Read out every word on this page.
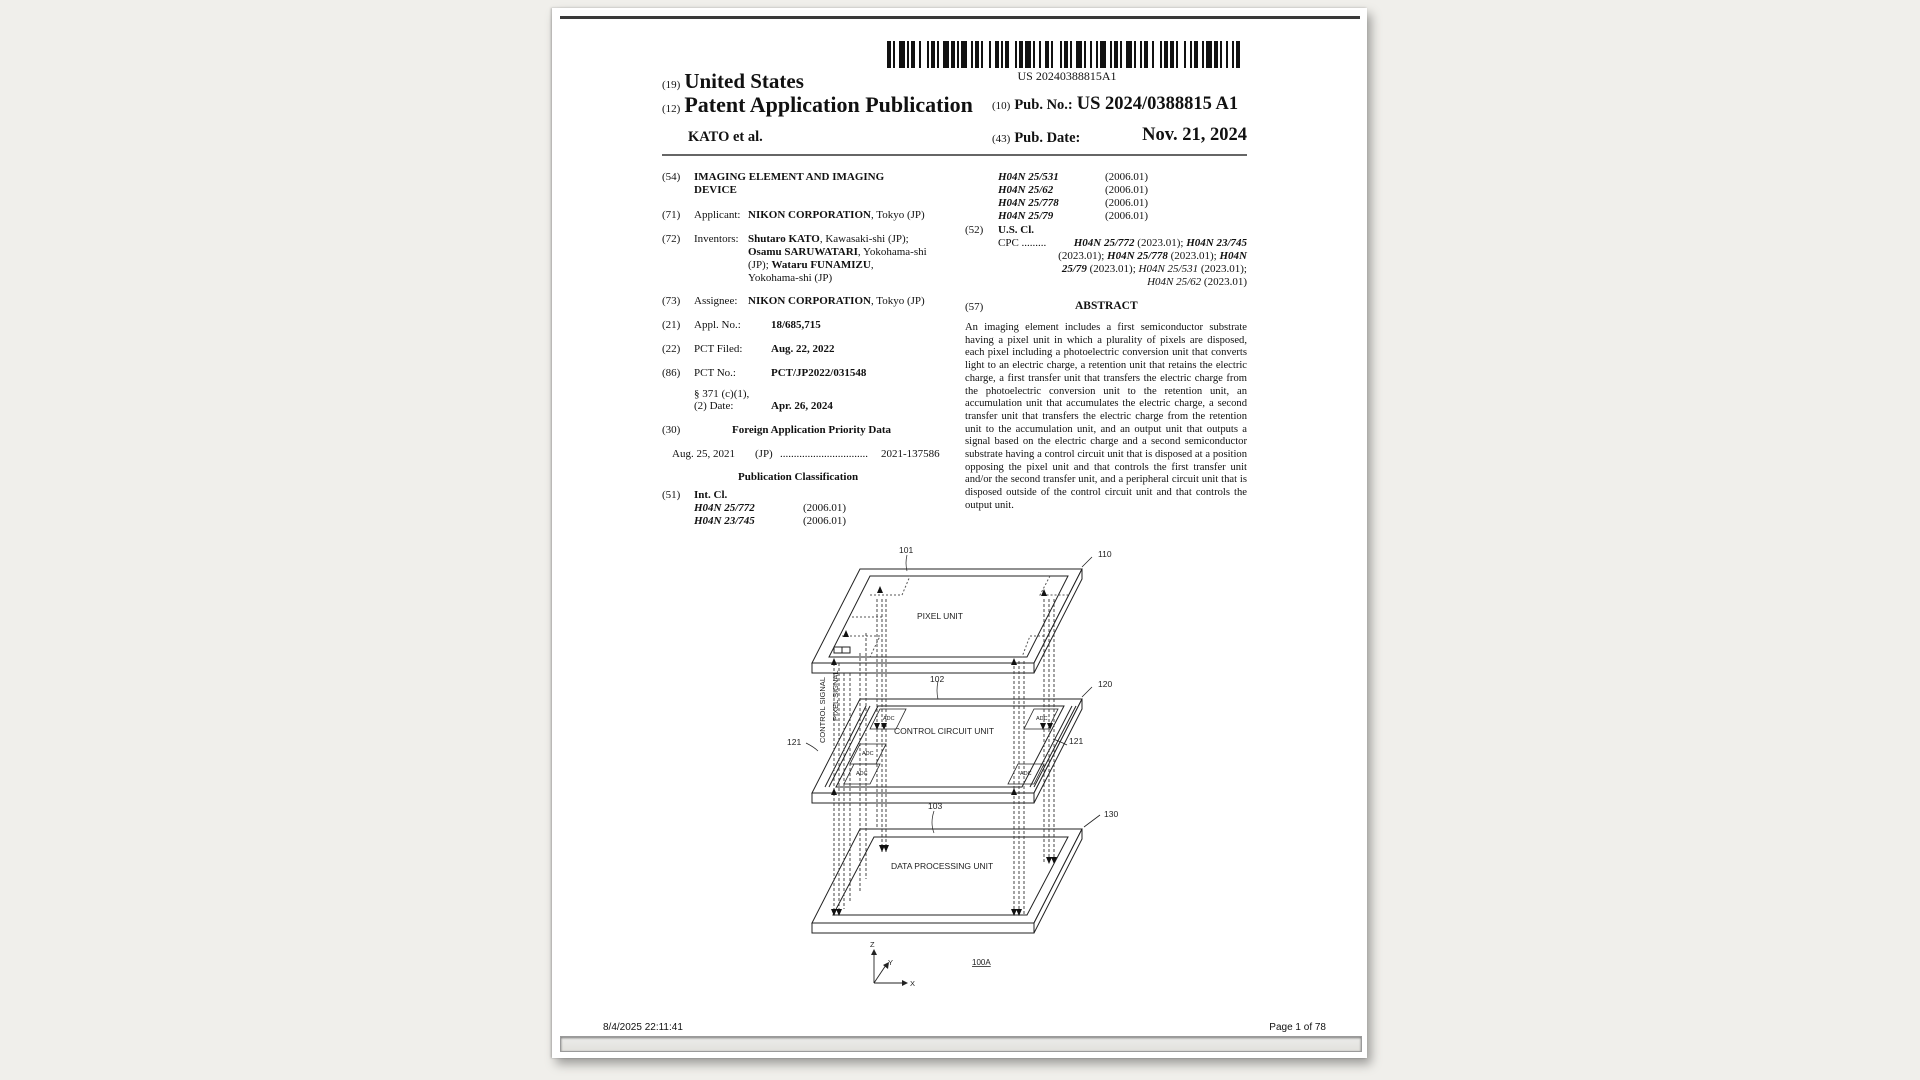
US 20240388815A1
(19) United States
(12) Patent Application Publication
KATO et al.
(10) Pub. No.: US 2024/0388815 A1
(43) Pub. Date:	Nov. 21, 2024
(54) IMAGING ELEMENT AND IMAGING
DEVICE
(71) Applicant: NIKON CORPORATION, Tokyo (JP)
(72) Inventors: Shutaro KATO, Kawasaki-shi (JP);
Osamu SARUWATARI, Yokohama-shi
(JP); Wataru FUNAMIZU,
Yokohama-shi (JP)
(73) Assignee: NIKON CORPORATION, Tokyo (JP)
(21) Appl. No.:	18/685,715
(22) PCT Filed:	Aug. 22, 2022
(86) PCT No.:	PCT/JP2022/031548
§ 371 (c)(1),
(2) Date:	Apr. 26, 2024
(30)	Foreign Application Priority Data
Aug. 25, 2021 (JP) ................................ 2021-137586
Publication Classification
(51) Int. Cl.
H04N 25/772	(2006.01)
H04N 23/745	(2006.01)
H04N 25/531	(2006.01)
H04N 25/62	(2006.01)
H04N 25/778	(2006.01)
H04N 25/79	(2006.01)
(52) U.S. Cl.
CPC ......... H04N 25/772 (2023.01); H04N 23/745
(2023.01); H04N 25/778 (2023.01); H04N
25/79 (2023.01); H04N 25/531 (2023.01);
H04N 25/62 (2023.01)
(57)	ABSTRACT
An imaging element includes a first semiconductor substrate having a pixel unit in which a plurality of pixels are disposed, each pixel including a photoelectric conversion unit that converts light to an electric charge, a retention unit that retains the electric charge, a first transfer unit that transfers the electric charge from the photoelectric conversion unit to the retention unit, an accumulation unit that accumulates the electric charge, a second transfer unit that transfers the electric charge from the retention unit to the accumulation unit, and an output unit that outputs a signal based on the electric charge and a second semiconductor substrate having a control circuit unit that is disposed at a position opposing the pixel unit and that controls the first transfer unit and/or the second transfer unit, and a peripheral circuit unit that is disposed outside of the control circuit unit and that controls the output unit.
101	110
PIXEL UNIT
102	120
CONTROL CIRCUIT UNIT
121	121
103
130
DATA PROCESSING UNIT
ADC	ADC
ADC
ADC	ADC
CONTROL SIGNAL PIXEL SIGNAL
Z
Y
X
100A
8/4/2025 22:11:41	Page 1 of 78
